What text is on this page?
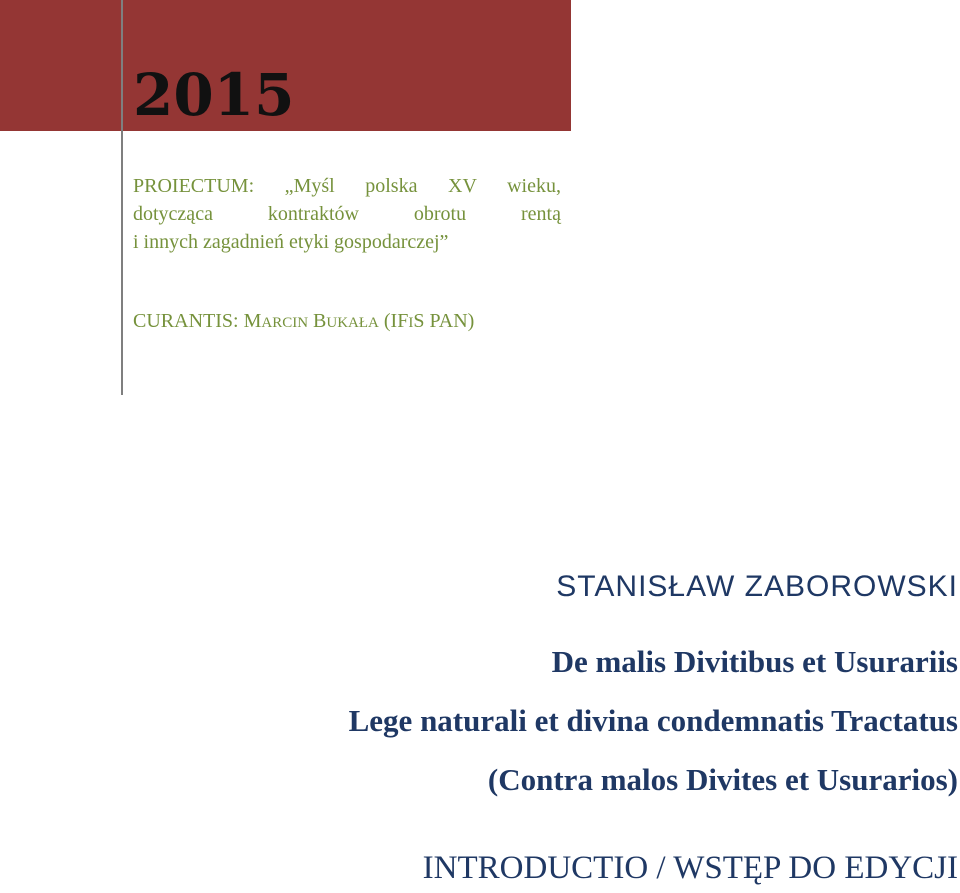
2015
PROIECTUM: „Myśl polska XV wieku,
dotycząca kontraktów obrotu rentą
i innych zagadnień etyki gospodarczej”
CURANTIS: MARCIN BUKAŁA (IFIS PAN)
STANISŁAW ZABOROWSKI
De malis Divitibus et Usurariis
Lege naturali et divina condemnatis Tractatus
(Contra malos Divites et Usurarios)
INTRODUCTIO / WSTĘP DO EDYCJI
